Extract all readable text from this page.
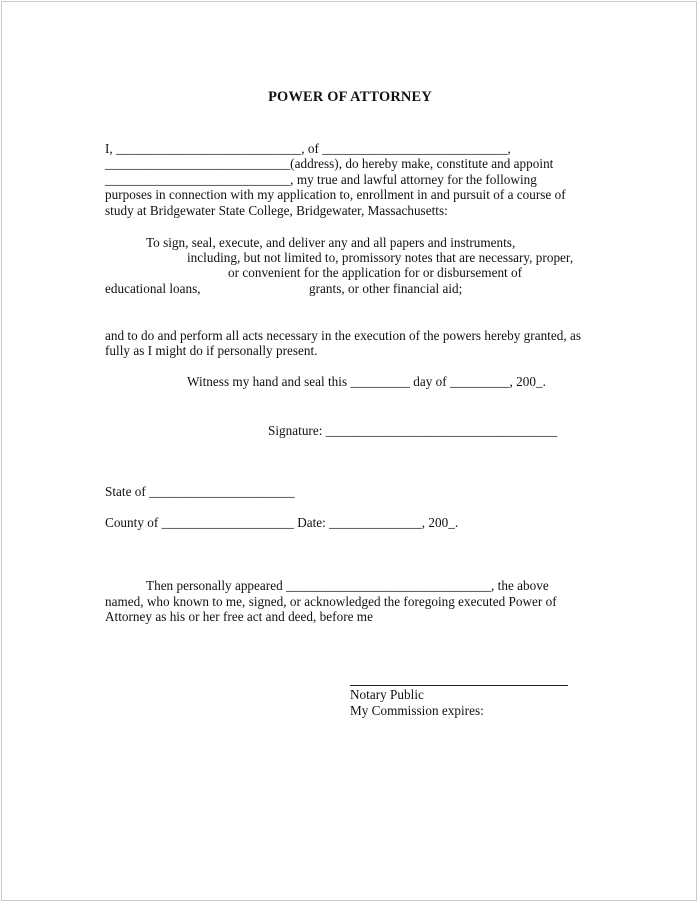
POWER OF ATTORNEY
I, ____________________________, of ____________________________,
____________________________(address), do hereby make, constitute and appoint
____________________________, my true and lawful attorney for the following
purposes in connection with my application to, enrollment in and pursuit of a course of
study at Bridgewater State College, Bridgewater, Massachusetts:
To sign, seal, execute, and deliver any and all papers and instruments,
including, but not limited to, promissory notes that are necessary, proper,
or convenient for the application for or disbursement of
educational loans,	grants, or other financial aid;
and to do and perform all acts necessary in the execution of the powers hereby granted, as
fully as I might do if personally present.
Witness my hand and seal this _________ day of _________, 200_.
Signature: ___________________________________
State of ______________________
County of ____________________ Date: ______________, 200_.
Then personally appeared _______________________________, the above
named, who known to me, signed, or acknowledged the foregoing executed Power of
Attorney as his or her free act and deed, before me
Notary Public
My Commission expires:
